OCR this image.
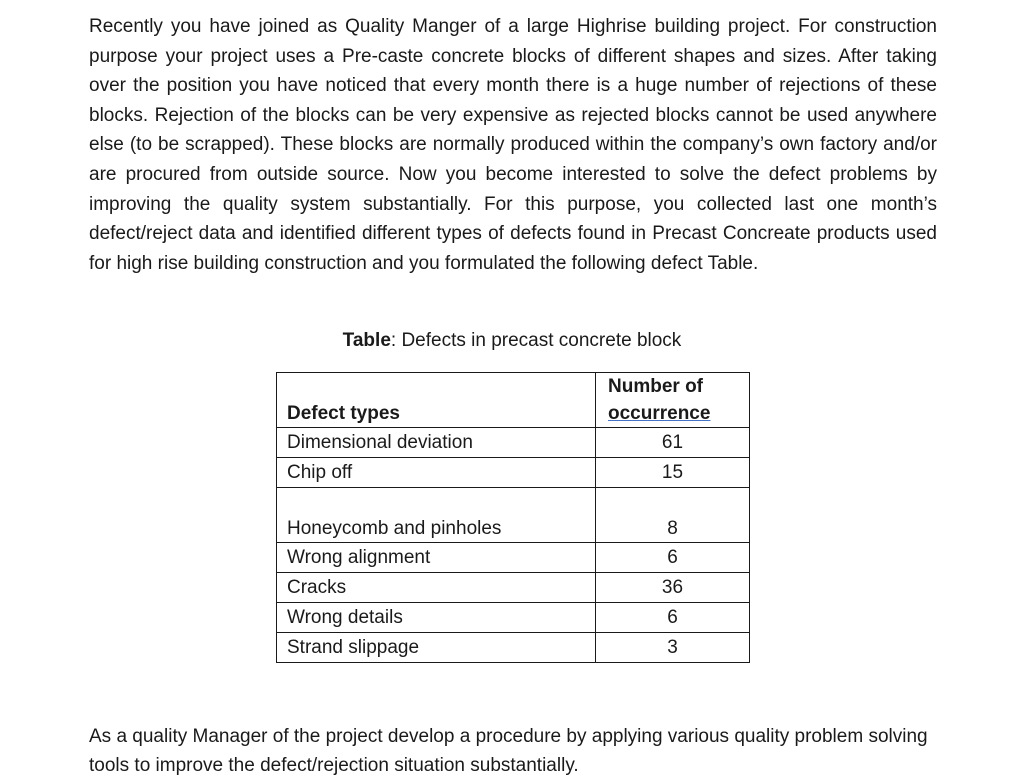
Recently you have joined as Quality Manger of a large Highrise building project. For construction purpose your project uses a Pre-caste concrete blocks of different shapes and sizes. After taking over the position you have noticed that every month there is a huge number of rejections of these blocks. Rejection of the blocks can be very expensive as rejected blocks cannot be used anywhere else (to be scrapped). These blocks are normally produced within the company’s own factory and/or are procured from outside source. Now you become interested to solve the defect problems by improving the quality system substantially. For this purpose, you collected last one month’s defect/reject data and identified different types of defects found in Precast Concreate products used for high rise building construction and you formulated the following defect Table.

Table: Defects in precast concrete block
Defect types	Number of
occurrence
Dimensional deviation	61
Chip off	15
Honeycomb and pinholes	8
Wrong alignment	6
Cracks	36
Wrong details	6
Strand slippage	3

As a quality Manager of the project develop a procedure by applying various quality problem solving tools to improve the defect/rejection situation substantially.
